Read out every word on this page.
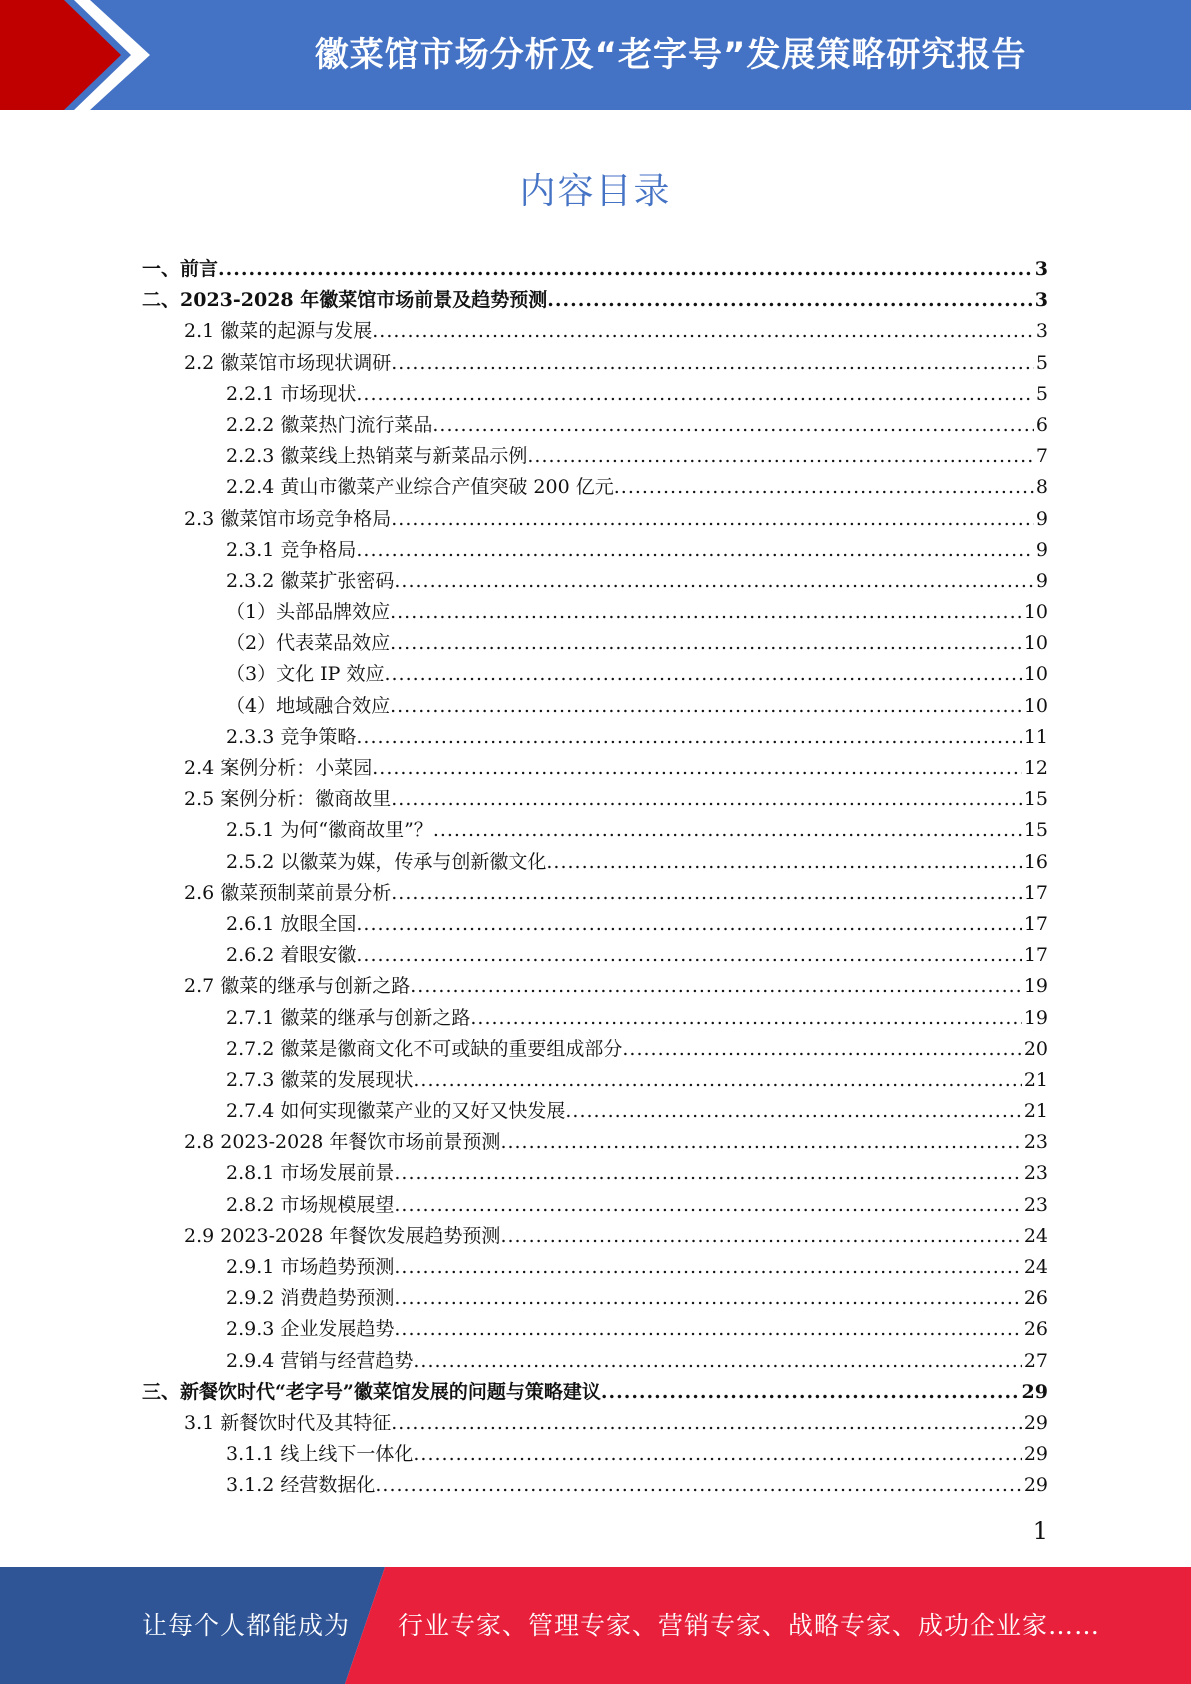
徽菜馆市场分析及“老字号”发展策略研究报告
内容目录
一、前言 .....	3
二、2023-2028 年徽菜馆市场前景及趋势预测 .....	3
2.1 徽菜的起源与发展 .....	3
2.2 徽菜馆市场现状调研 .....	5
2.2.1 市场现状 .....	5
2.2.2 徽菜热门流行菜品 .....	6
2.2.3 徽菜线上热销菜与新菜品示例 .....	7
2.2.4 黄山市徽菜产业综合产值突破 200 亿元 .....	8
2.3 徽菜馆市场竞争格局 .....	9
2.3.1 竞争格局 .....	9
2.3.2 徽菜扩张密码 .....	9
（1）头部品牌效应 .....	10
（2）代表菜品效应 .....	10
（3）文化 IP 效应 .....	10
（4）地域融合效应 .....	10
2.3.3 竞争策略 .....	11
2.4 案例分析：小菜园 .....	12
2.5 案例分析：徽商故里 .....	15
2.5.1 为何“徽商故里”？ .....	15
2.5.2 以徽菜为媒，传承与创新徽文化 .....	16
2.6 徽菜预制菜前景分析 .....	17
2.6.1 放眼全国 .....	17
2.6.2 着眼安徽 .....	17
2.7 徽菜的继承与创新之路 .....	19
2.7.1 徽菜的继承与创新之路 .....	19
2.7.2 徽菜是徽商文化不可或缺的重要组成部分 .....	20
2.7.3 徽菜的发展现状 .....	21
2.7.4 如何实现徽菜产业的又好又快发展 .....	21
2.8 2023-2028 年餐饮市场前景预测 .....	23
2.8.1 市场发展前景 .....	23
2.8.2 市场规模展望 .....	23
2.9 2023-2028 年餐饮发展趋势预测 .....	24
2.9.1 市场趋势预测 .....	24
2.9.2 消费趋势预测 .....	26
2.9.3 企业发展趋势 .....	26
2.9.4 营销与经营趋势 .....	27
三、新餐饮时代“老字号”徽菜馆发展的问题与策略建议 .....	29
3.1 新餐饮时代及其特征 .....	29
3.1.1 线上线下一体化 .....	29
3.1.2 经营数据化 .....	29
1
让每个人都能成为 行业专家、管理专家、营销专家、战略专家、成功企业家……
